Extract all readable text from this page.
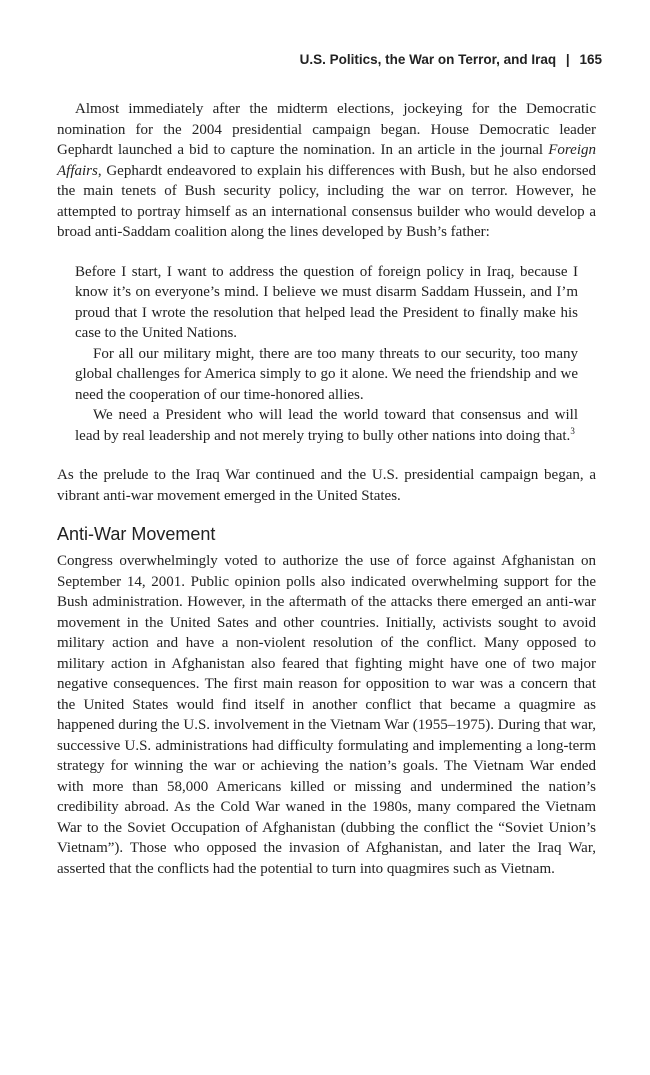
U.S. Politics, the War on Terror, and Iraq | 165

Almost immediately after the midterm elections, jockeying for the Democratic nomination for the 2004 presidential campaign began. House Democratic leader Gephardt launched a bid to capture the nomination. In an article in the journal Foreign Affairs, Gephardt endeavored to explain his differences with Bush, but he also endorsed the main tenets of Bush security policy, including the war on terror. However, he attempted to portray himself as an international consensus builder who would develop a broad anti-Saddam coalition along the lines developed by Bush’s father:

Before I start, I want to address the question of foreign policy in Iraq, because I know it’s on everyone’s mind. I believe we must disarm Saddam Hussein, and I’m proud that I wrote the resolution that helped lead the President to finally make his case to the United Nations.

For all our military might, there are too many threats to our security, too many global challenges for America simply to go it alone. We need the friendship and we need the cooperation of our time-honored allies.

We need a President who will lead the world toward that consensus and will lead by real leadership and not merely trying to bully other nations into doing that.$^3$

As the prelude to the Iraq War continued and the U.S. presidential campaign began, a vibrant anti-war movement emerged in the United States.

Anti-War Movement

Congress overwhelmingly voted to authorize the use of force against Afghanistan on September 14, 2001. Public opinion polls also indicated overwhelming support for the Bush administration. However, in the aftermath of the attacks there emerged an anti-war movement in the United Sates and other countries. Initially, activists sought to avoid military action and have a non-violent resolution of the conflict. Many opposed to military action in Afghanistan also feared that fighting might have one of two major negative consequences. The first main reason for opposition to war was a concern that the United States would find itself in another conflict that became a quagmire as happened during the U.S. involvement in the Vietnam War (1955–1975). During that war, successive U.S. administrations had difficulty formulating and implementing a long-term strategy for winning the war or achieving the nation’s goals. The Vietnam War ended with more than 58,000 Americans killed or missing and undermined the nation’s credibility abroad. As the Cold War waned in the 1980s, many compared the Vietnam War to the Soviet Occupation of Afghanistan (dubbing the conflict the “Soviet Union’s Vietnam”). Those who opposed the invasion of Afghanistan, and later the Iraq War, asserted that the conflicts had the potential to turn into quagmires such as Vietnam.
